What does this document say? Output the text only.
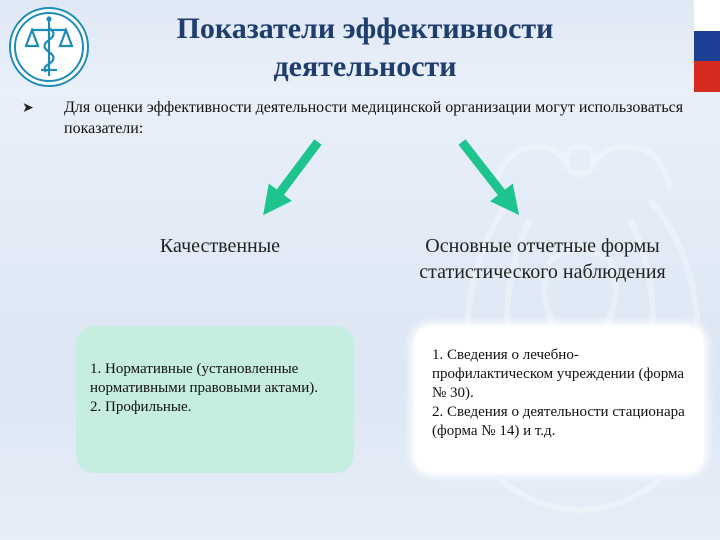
Показатели эффективности деятельности
➤ Для оценки эффективности деятельности медицинской организации могут использоваться показатели:
Качественные	Основные отчетные формы статистического наблюдения

1. Нормативные (установленные нормативными правовыми актами).
2. Профильные.

1. Сведения о лечебно-профилактическом учреждении (форма № 30).
2. Сведения о деятельности стационара (форма № 14) и т.д.
